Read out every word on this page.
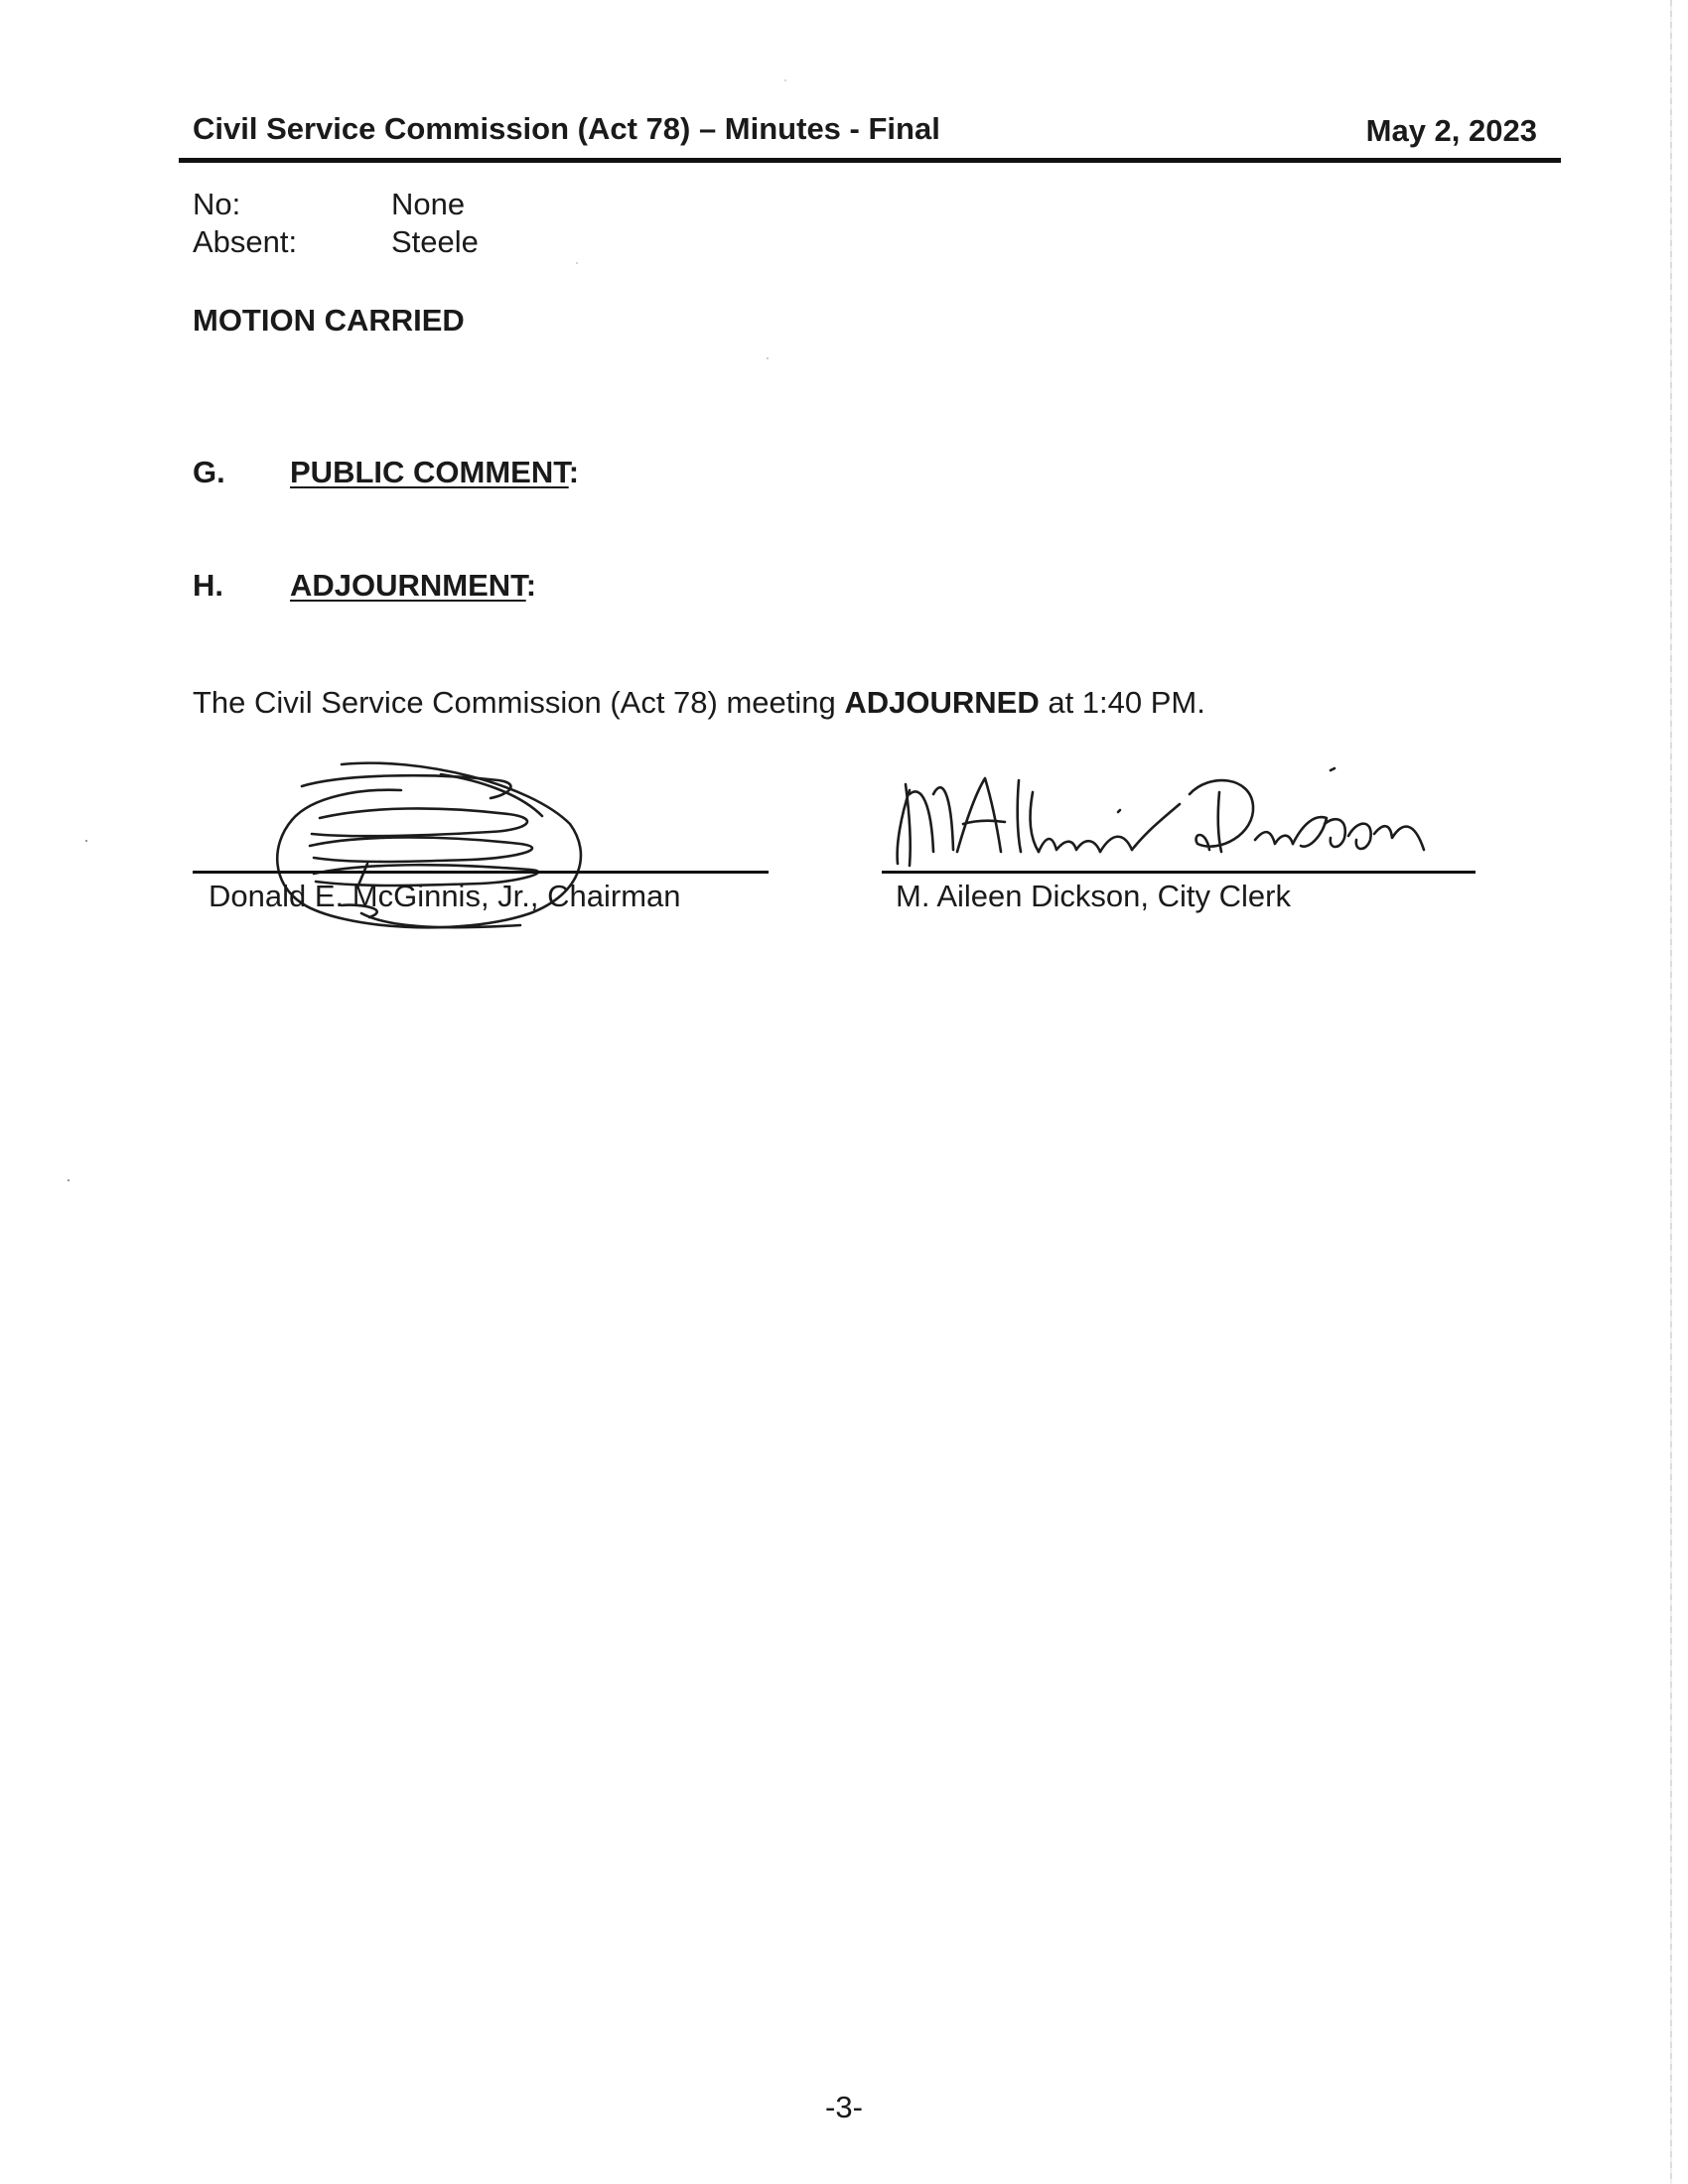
Civil Service Commission (Act 78) – Minutes - Final	May 2, 2023
No:	None
Absent:	Steele
MOTION CARRIED
G. PUBLIC COMMENT:
H. ADJOURNMENT:
The Civil Service Commission (Act 78) meeting ADJOURNED at 1:40 PM.
Donald E. McGinnis, Jr., Chairman	M. Aileen Dickson, City Clerk
-3-
